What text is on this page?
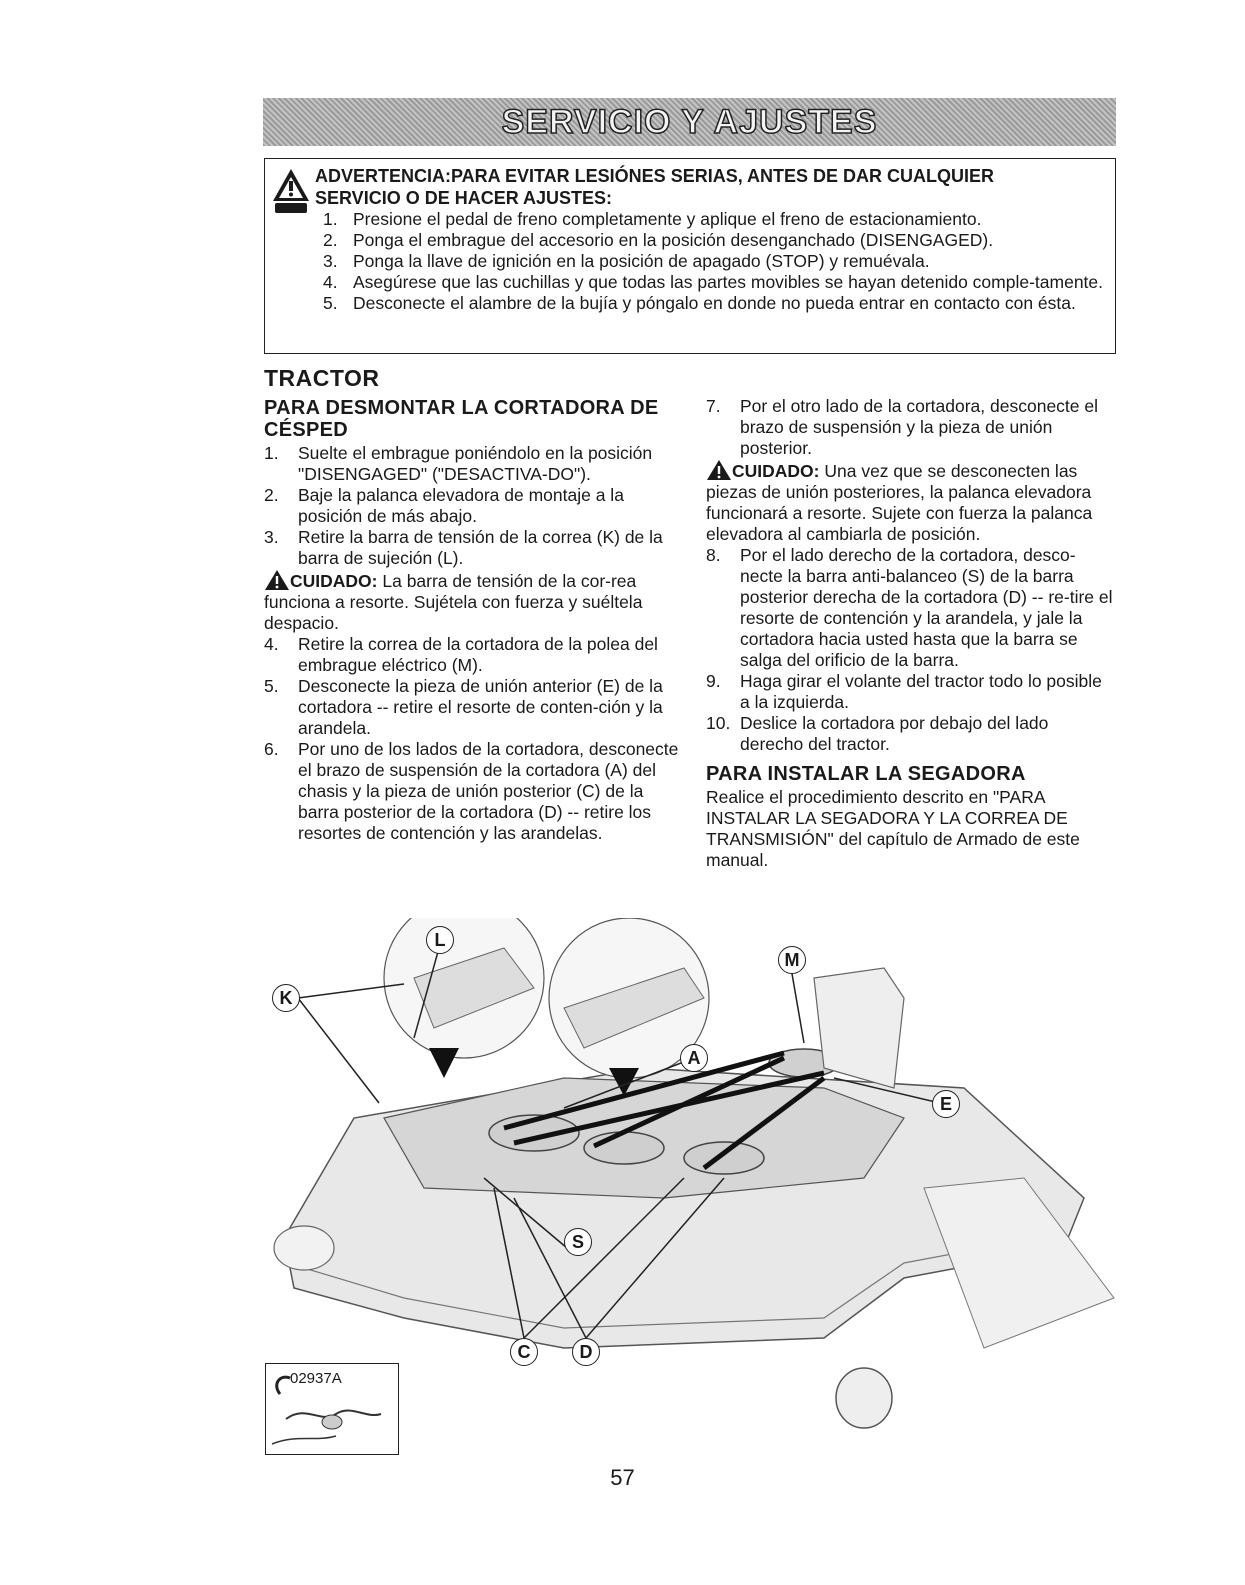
SERVICIO Y AJUSTES
ADVERTENCIA:PARA EVITAR LESIÓNES SERIAS, ANTES DE DAR CUALQUIER
SERVICIO O DE HACER AJUSTES:
1. Presione el pedal de freno completamente y aplique el freno de estacionamiento.
2. Ponga el embrague del accesorio en la posición desenganchado (DISENGAGED).
3. Ponga la llave de ignición en la posición de apagado (STOP) y remuévala.
4. Asegúrese que las cuchillas y que todas las partes movibles se hayan detenido comple-tamente.
5. Desconecte el alambre de la bujía y póngalo en donde no pueda entrar en contacto con ésta.
TRACTOR
PARA DESMONTAR LA CORTADORA DE CÉSPED
1.	Suelte el embrague poniéndolo en la posición "DISENGAGED" ("DESACTIVA-DO").
2.	Baje la palanca elevadora de montaje a la posición de más abajo.
3.	Retire la barra de tensión de la correa (K) de la barra de sujeción (L).

CUIDADO: La barra de tensión de la cor-rea funciona a resorte. Sujétela con fuerza y suéltela despacio.

4.	Retire la correa de la cortadora de la polea del embrague eléctrico (M).
5.	Desconecte la pieza de unión anterior (E) de la cortadora -- retire el resorte de conten-ción y la arandela.
6.	Por uno de los lados de la cortadora, desconecte el brazo de suspensión de la cortadora (A) del chasis y la pieza de unión posterior (C) de la barra posterior de la cortadora (D) -- retire los resortes de contención y las arandelas.
7.	Por el otro lado de la cortadora, desconecte el brazo de suspensión y la pieza de unión posterior.

CUIDADO: Una vez que se desconecten las piezas de unión posteriores, la palanca elevadora funcionará a resorte. Sujete con fuerza la palanca elevadora al cambiarla de posición.

8.	Por el lado derecho de la cortadora, desco-necte la barra anti-balanceo (S) de la barra posterior derecha de la cortadora (D) -- re-tire el resorte de contención y la arandela, y jale la cortadora hacia usted hasta que la barra se salga del orificio de la barra.
9.	Haga girar el volante del tractor todo lo posible a la izquierda.
10. Deslice la cortadora por debajo del lado derecho del tractor.
PARA INSTALAR LA SEGADORA

Realice el procedimiento descrito en "PARA INSTALAR LA SEGADORA Y LA CORREA DE TRANSMISIÓN" del capítulo de Armado de este manual.

K
L
M
A
E
S
C	D
02937A
57
